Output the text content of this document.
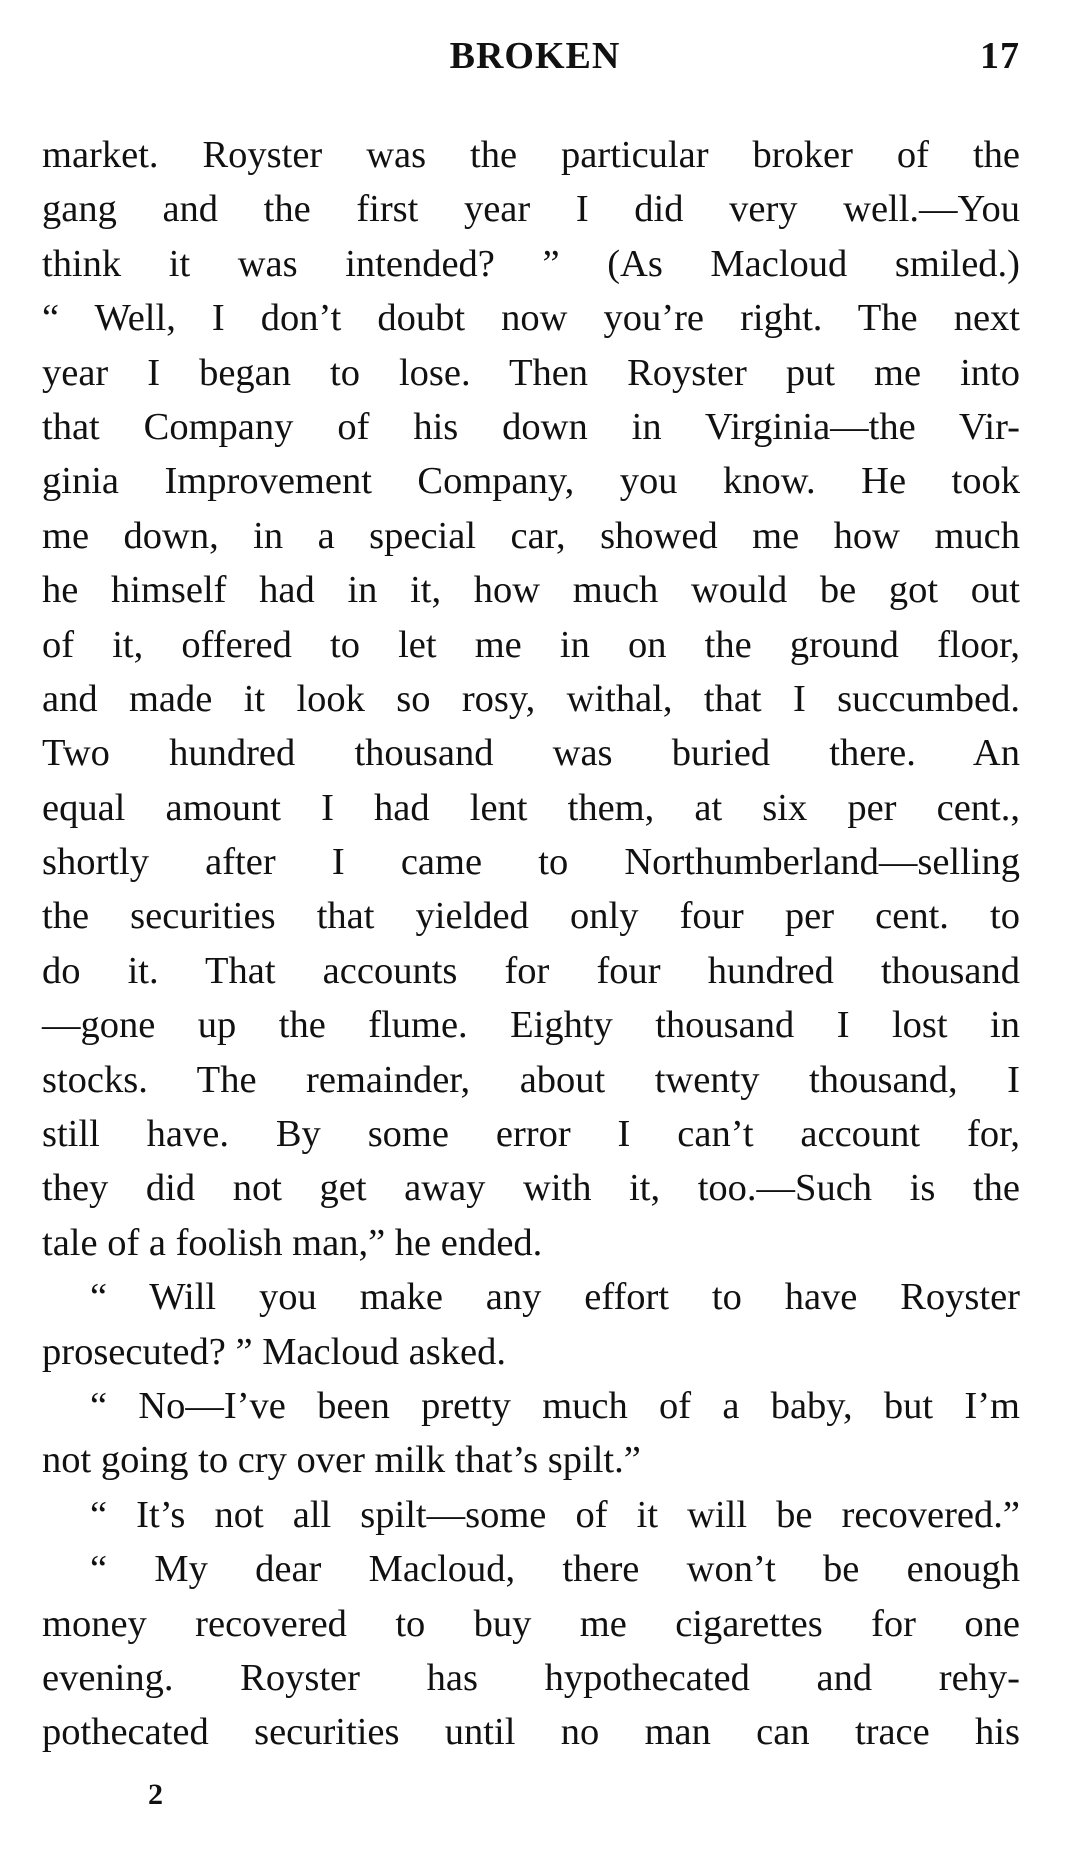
BROKEN	17
market. Royster was the particular broker of the
gang and the first year I did very well.—You
think it was intended? ” (As Macloud smiled.)
“ Well, I don’t doubt now you’re right. The next
year I began to lose. Then Royster put me into
that Company of his down in Virginia—the Vir-
ginia Improvement Company, you know. He took
me down, in a special car, showed me how much
he himself had in it, how much would be got out
of it, offered to let me in on the ground floor,
and made it look so rosy, withal, that I succumbed.
Two hundred thousand was buried there. An
equal amount I had lent them, at six per cent.,
shortly after I came to Northumberland—selling
the securities that yielded only four per cent. to
do it. That accounts for four hundred thousand
—gone up the flume. Eighty thousand I lost in
stocks. The remainder, about twenty thousand, I
still have. By some error I can’t account for,
they did not get away with it, too.—Such is the
tale of a foolish man,” he ended.
“ Will you make any effort to have Royster
prosecuted? ” Macloud asked.
“ No—I’ve been pretty much of a baby, but I’m
not going to cry over milk that’s spilt.”
“ It’s not all spilt—some of it will be recovered.”
“ My dear Macloud, there won’t be enough
money recovered to buy me cigarettes for one
evening. Royster has hypothecated and rehy-
pothecated securities until no man can trace his
2
